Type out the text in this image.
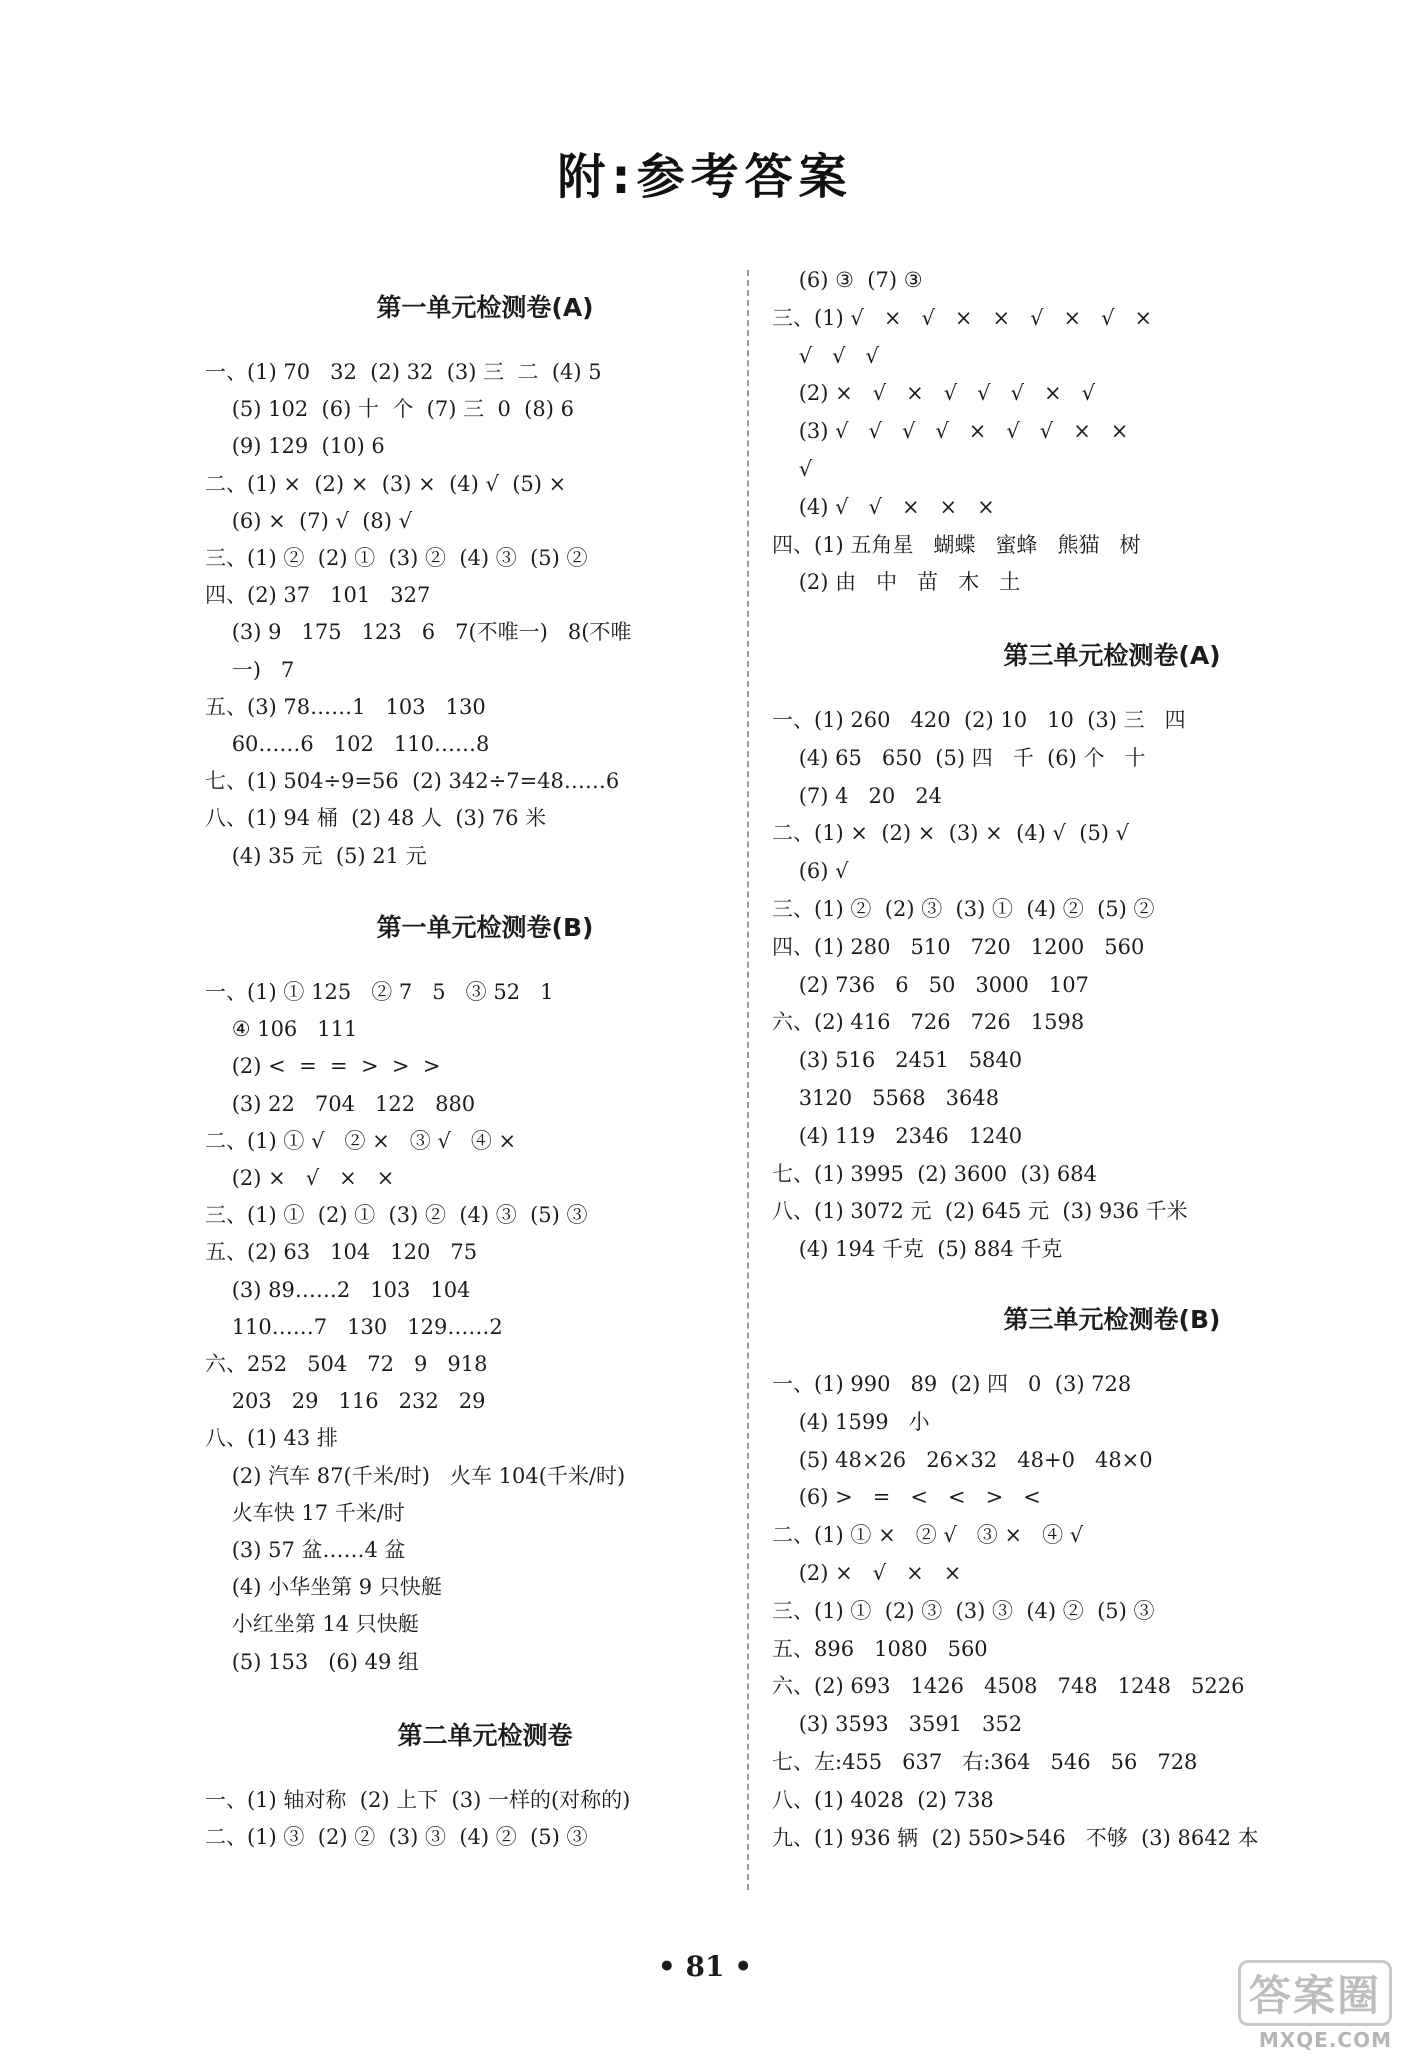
附:参考答案
第一单元检测卷(A)
一、(1) 70   32  (2) 32  (3) 三  二  (4) 5
(5) 102  (6) 十  个  (7) 三  0  (8) 6
(9) 129  (10) 6
二、(1) ×  (2) ×  (3) ×  (4) √  (5) ×
(6) ×  (7) √  (8) √
三、(1) ②  (2) ①  (3) ②  (4) ③  (5) ②
四、(2) 37   101   327
(3) 9   175   123   6   7(不唯一)   8(不唯
一)   7
五、(3) 78……1   103   130
60……6   102   110……8
七、(1) 504÷9=56  (2) 342÷7=48……6
八、(1) 94 桶  (2) 48 人  (3) 76 米
(4) 35 元  (5) 21 元
第一单元检测卷(B)
一、(1) ① 125   ② 7   5   ③ 52   1
④ 106   111
(2) <  =  =  >  >  >
(3) 22   704   122   880
二、(1) ① √   ② ×   ③ √   ④ ×
(2) ×   √   ×   ×
三、(1) ①  (2) ①  (3) ②  (4) ③  (5) ③
五、(2) 63   104   120   75
(3) 89……2   103   104
110……7   130   129……2
六、252   504   72   9   918
203   29   116   232   29
八、(1) 43 排
(2) 汽车 87(千米/时)   火车 104(千米/时)
火车快 17 千米/时
(3) 57 盆……4 盆
(4) 小华坐第 9 只快艇
小红坐第 14 只快艇
(5) 153   (6) 49 组
第二单元检测卷
一、(1) 轴对称  (2) 上下  (3) 一样的(对称的)
二、(1) ③  (2) ②  (3) ③  (4) ②  (5) ③
(6) ③  (7) ③
三、(1) √   ×   √   ×   ×   √   ×   √   ×
√   √   √
(2) ×   √   ×   √   √   √   ×   √
(3) √   √   √   √   ×   √   √   ×   ×
√
(4) √   √   ×   ×   ×
四、(1) 五角星   蝴蝶   蜜蜂   熊猫   树
(2) 由   中   苗   木   土
第三单元检测卷(A)
一、(1) 260   420  (2) 10   10  (3) 三   四
(4) 65   650  (5) 四   千  (6) 个   十
(7) 4   20   24
二、(1) ×  (2) ×  (3) ×  (4) √  (5) √
(6) √
三、(1) ②  (2) ③  (3) ①  (4) ②  (5) ②
四、(1) 280   510   720   1200   560
(2) 736   6   50   3000   107
六、(2) 416   726   726   1598
(3) 516   2451   5840
3120   5568   3648
(4) 119   2346   1240
七、(1) 3995  (2) 3600  (3) 684
八、(1) 3072 元  (2) 645 元  (3) 936 千米
(4) 194 千克  (5) 884 千克
第三单元检测卷(B)
一、(1) 990   89  (2) 四   0  (3) 728
(4) 1599   小
(5) 48×26   26×32   48+0   48×0
(6) >   =   <   <   >   <
二、(1) ① ×   ② √   ③ ×   ④ √
(2) ×   √   ×   ×
三、(1) ①  (2) ③  (3) ③  (4) ②  (5) ③
五、896   1080   560
六、(2) 693   1426   4508   748   1248   5226
(3) 3593   3591   352
七、左:455   637   右:364   546   56   728
八、(1) 4028  (2) 738
九、(1) 936 辆  (2) 550>546   不够  (3) 8642 本
• 81 •
答案圈
MXQE.COM
